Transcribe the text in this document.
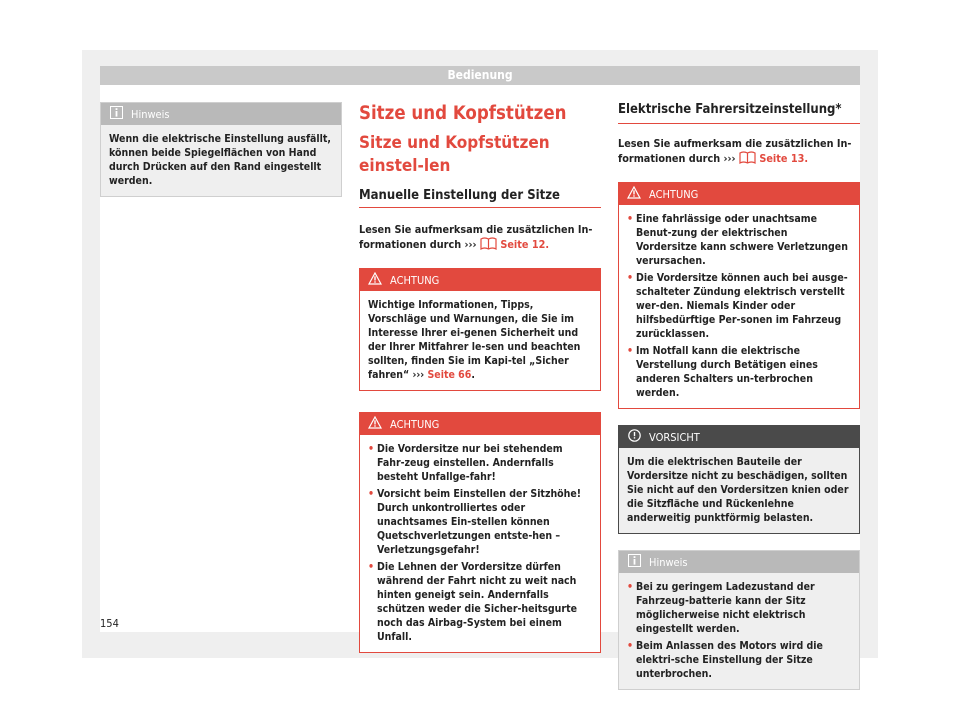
Bedienung
Hinweis
Wenn die elektrische Einstellung ausfällt, können beide Spiegelflächen von Hand durch Drücken auf den Rand eingestellt werden.
Sitze und Kopfstützen
Sitze und Kopfstützen einstel-len
Manuelle Einstellung der Sitze
Lesen Sie aufmerksam die zusätzlichen In-formationen durch ››› Seite 12.
ACHTUNG
Wichtige Informationen, Tipps, Vorschläge und Warnungen, die Sie im Interesse Ihrer ei-genen Sicherheit und der Ihrer Mitfahrer le-sen und beachten sollten, finden Sie im Kapi-tel „Sicher fahren“ ››› Seite 66.
ACHTUNG
• Die Vordersitze nur bei stehendem Fahr-zeug einstellen. Andernfalls besteht Unfallge-fahr!
• Vorsicht beim Einstellen der Sitzhöhe! Durch unkontrolliertes oder unachtsames Ein-stellen können Quetschverletzungen entste-hen – Verletzungsgefahr!
• Die Lehnen der Vordersitze dürfen während der Fahrt nicht zu weit nach hinten geneigt sein. Andernfalls schützen weder die Sicher-heitsgurte noch das Airbag-System bei einem Unfall.
Elektrische Fahrersitzeinstellung*
Lesen Sie aufmerksam die zusätzlichen In-formationen durch ››› Seite 13.
ACHTUNG
• Eine fahrlässige oder unachtsame Benut-zung der elektrischen Vordersitze kann schwere Verletzungen verursachen.
• Die Vordersitze können auch bei ausge-schalteter Zündung elektrisch verstellt wer-den. Niemals Kinder oder hilfsbedürftige Per-sonen im Fahrzeug zurücklassen.
• Im Notfall kann die elektrische Verstellung durch Betätigen eines anderen Schalters un-terbrochen werden.
VORSICHT
Um die elektrischen Bauteile der Vordersitze nicht zu beschädigen, sollten Sie nicht auf den Vordersitzen knien oder die Sitzfläche und Rückenlehne anderweitig punktförmig belasten.
Hinweis
• Bei zu geringem Ladezustand der Fahrzeug-batterie kann der Sitz möglicherweise nicht elektrisch eingestellt werden.
• Beim Anlassen des Motors wird die elektri-sche Einstellung der Sitze unterbrochen.
154
